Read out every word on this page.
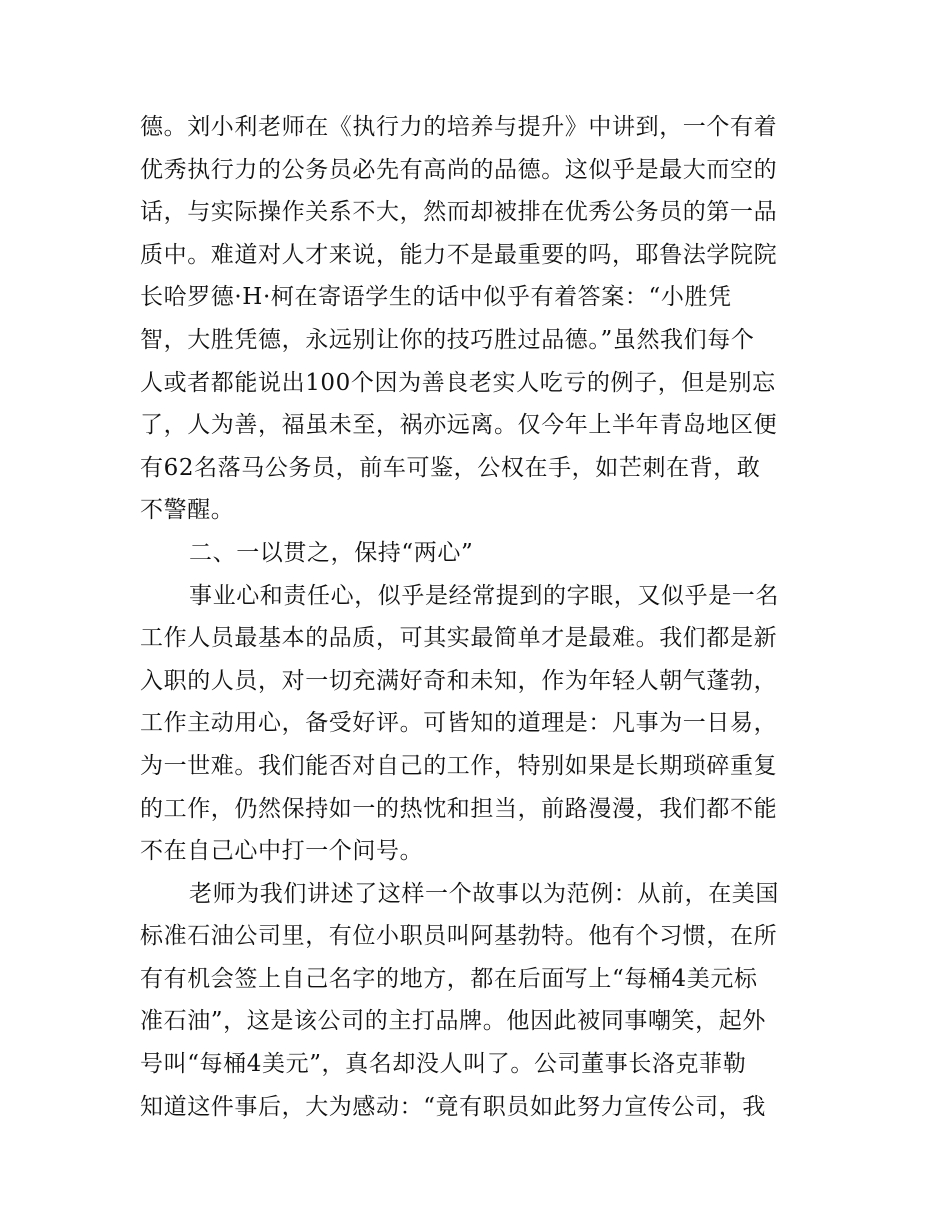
德。刘小利老师在《执行力的培养与提升》中讲到，一个有着
优秀执行力的公务员必先有高尚的品德。这似乎是最大而空的
话，与实际操作关系不大，然而却被排在优秀公务员的第一品
质中。难道对人才来说，能力不是最重要的吗，耶鲁法学院院
长哈罗德·H·柯在寄语学生的话中似乎有着答案：“小胜凭
智，大胜凭德，永远别让你的技巧胜过品德。”虽然我们每个
人或者都能说出100个因为善良老实人吃亏的例子，但是别忘
了，人为善，福虽未至，祸亦远离。仅今年上半年青岛地区便
有62名落马公务员，前车可鉴，公权在手，如芒刺在背，敢
不警醒。
二、一以贯之，保持“两心”
事业心和责任心，似乎是经常提到的字眼，又似乎是一名
工作人员最基本的品质，可其实最简单才是最难。我们都是新
入职的人员，对一切充满好奇和未知，作为年轻人朝气蓬勃，
工作主动用心，备受好评。可皆知的道理是：凡事为一日易，
为一世难。我们能否对自己的工作，特别如果是长期琐碎重复
的工作，仍然保持如一的热忱和担当，前路漫漫，我们都不能
不在自己心中打一个问号。
老师为我们讲述了这样一个故事以为范例：从前，在美国
标准石油公司里，有位小职员叫阿基勃特。他有个习惯，在所
有有机会签上自己名字的地方，都在后面写上“每桶4美元标
准石油”，这是该公司的主打品牌。他因此被同事嘲笑，起外
号叫“每桶4美元”，真名却没人叫了。公司董事长洛克菲勒
知道这件事后，大为感动：“竟有职员如此努力宣传公司，我
